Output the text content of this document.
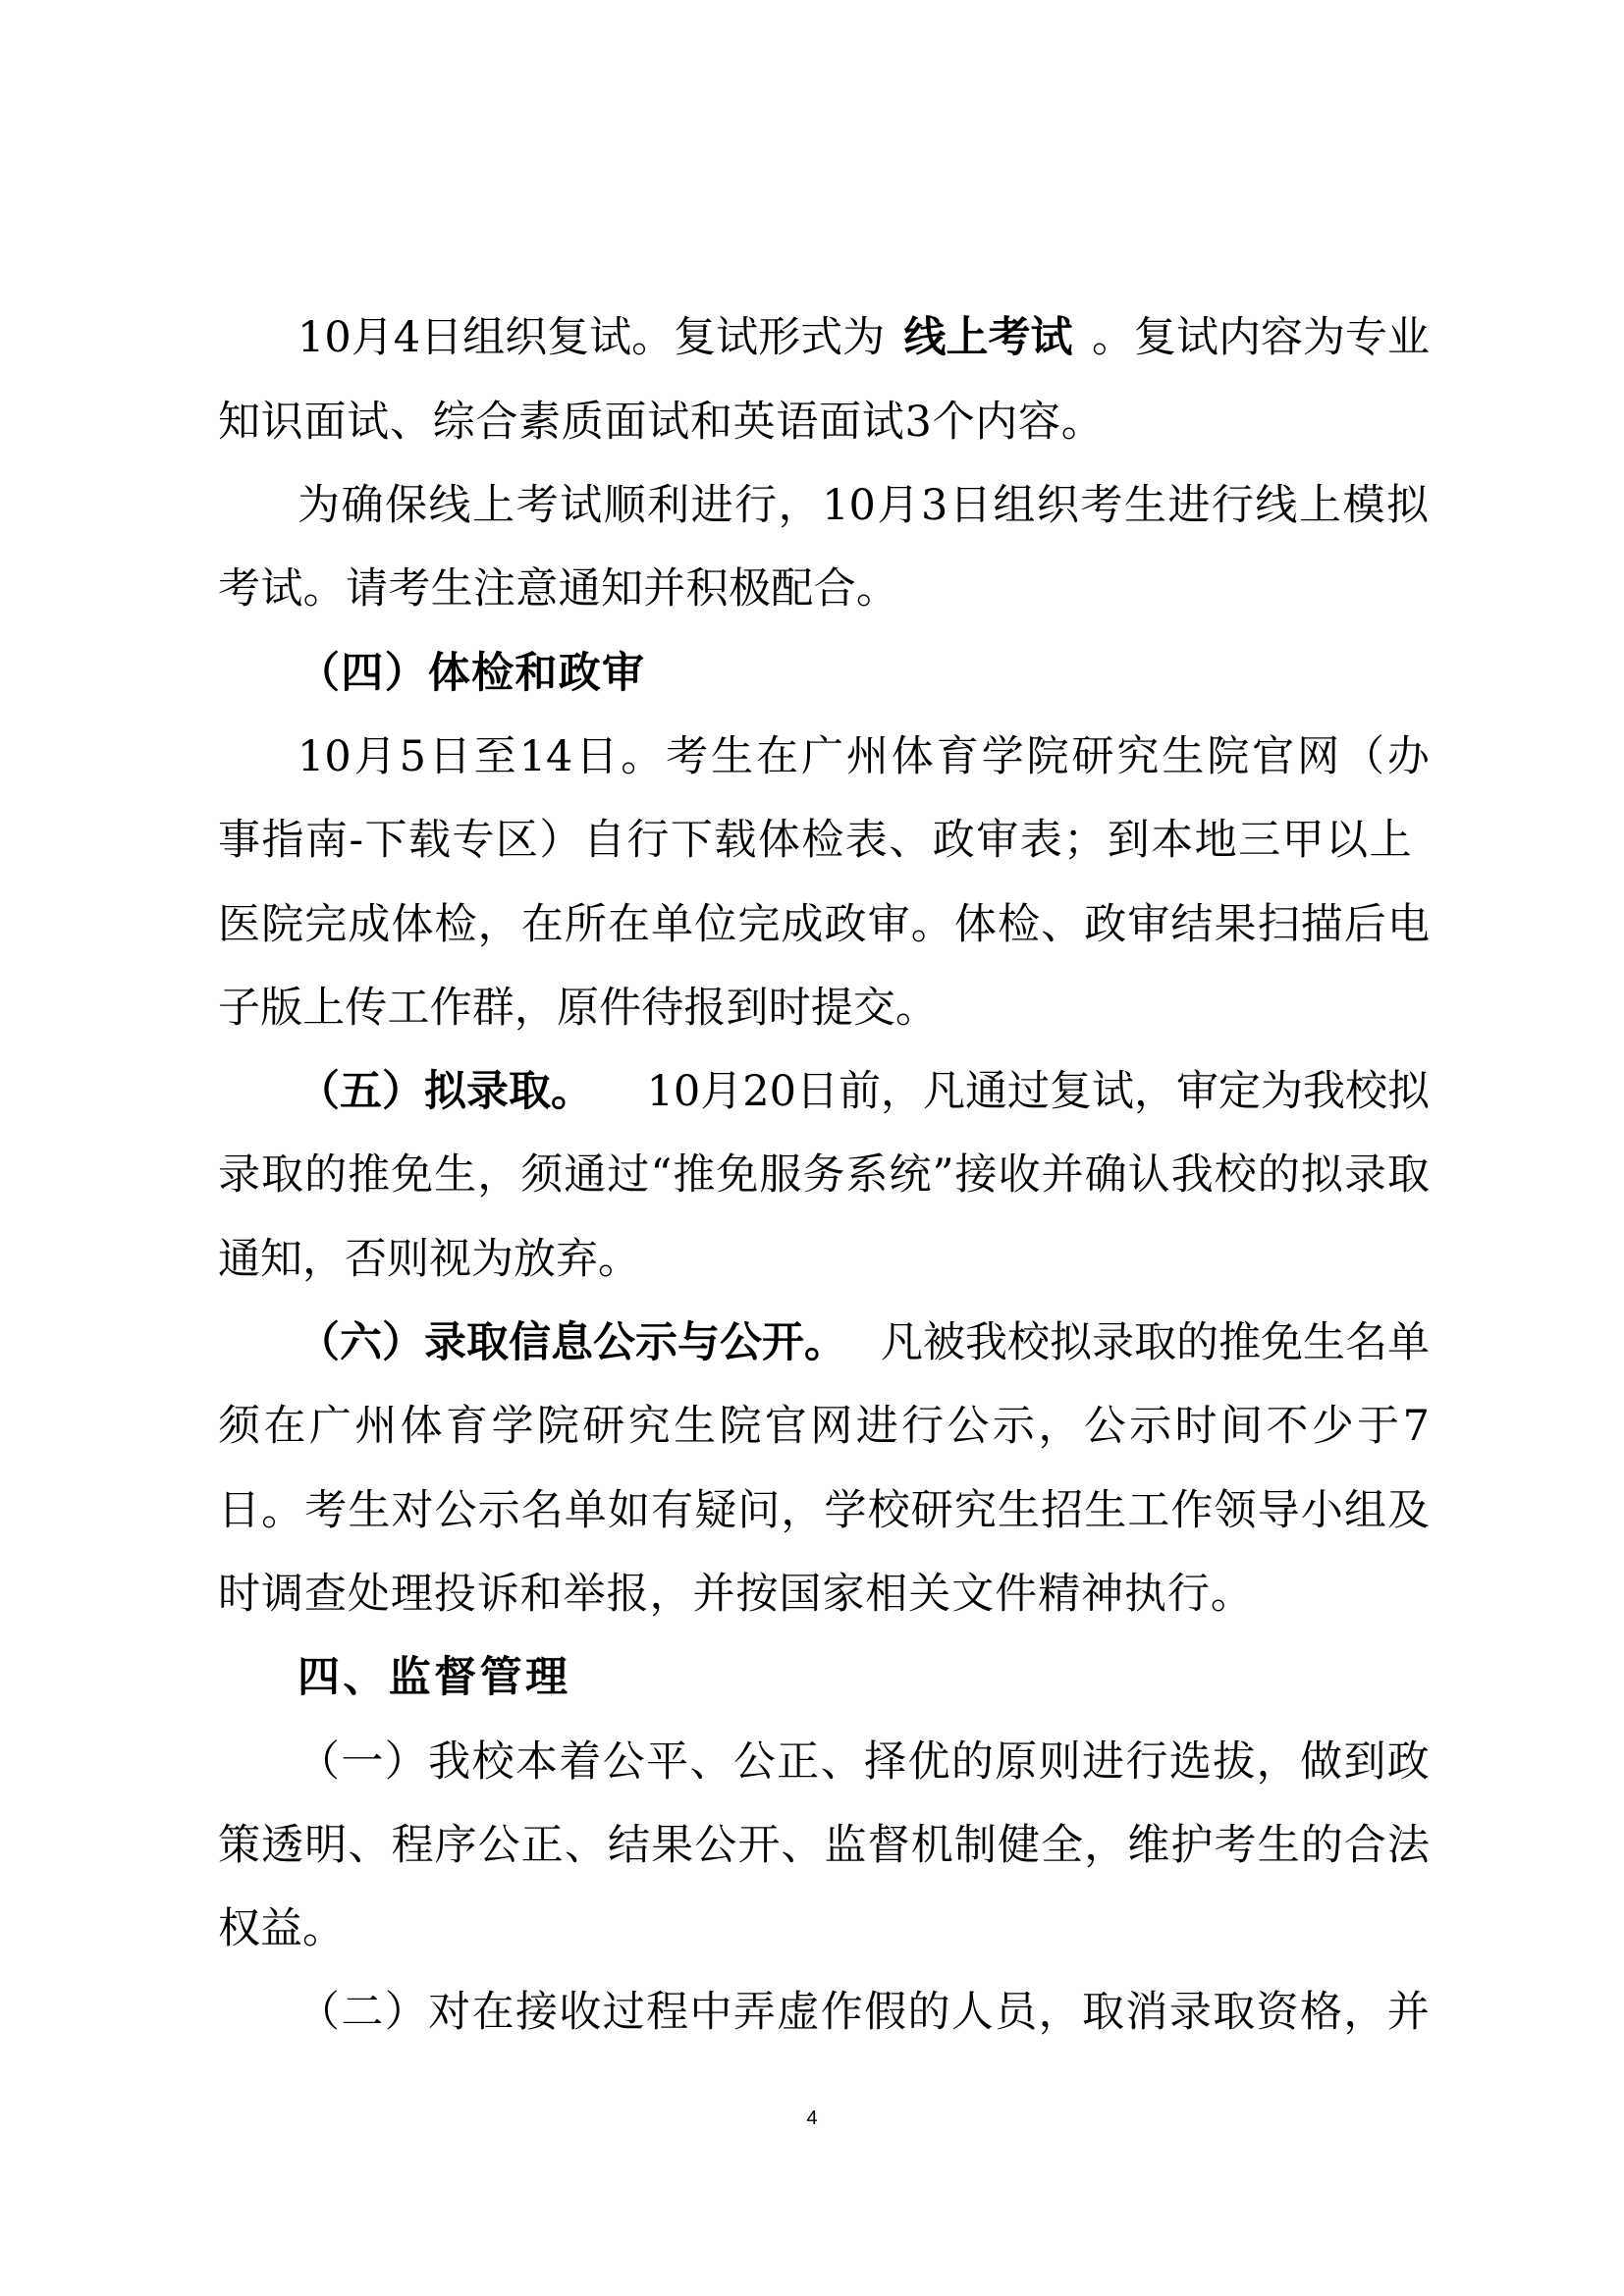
10月4日组织复试。复试形式为 线上考试 。复试内容为专业
知 识 面 试 、 综 合 素 质 面 试 和 英 语 面 试 3 个 内 容 。
为 确 保 线 上 考 试 顺 利 进 行 ， 10 月 3 日 组 织 考 生 进 行 线 上 模 拟
考 试 。 请 考 生 注 意 通 知 并 积 极 配 合 。
（ 四 ） 体 检 和 政 审
10 月 5 日 至 14 日 。 考 生 在 广 州 体 育 学 院 研 究 生 院 官 网 （ 办
事 指 南 - 下 载 专 区 ） 自 行 下 载 体 检 表 、 政 审 表 ； 到 本 地 三 甲 以 上
医 院 完 成 体 检 ， 在 所 在 单 位 完 成 政 审 。 体 检 、 政 审 结 果 扫 描 后 电
子 版 上 传 工 作 群 ， 原 件 待 报 到 时 提 交 。
（五）拟录取。 10月20日前，凡通过复试，审定为我校拟
录 取 的 推 免 生 ， 须 通 过 “ 推 免 服 务 系 统 ” 接 收 并 确 认 我 校 的 拟 录 取
通 知 ， 否 则 视 为 放 弃 。
（六）录取信息公示与公开。 凡被我校拟录取的推免生名单
须 在 广 州 体 育 学 院 研 究 生 院 官 网 进 行 公 示 ， 公 示 时 间 不 少 于 7
日 。 考 生 对 公 示 名 单 如 有 疑 问 ， 学 校 研 究 生 招 生 工 作 领 导 小 组 及
时 调 查 处 理 投 诉 和 举 报 ， 并 按 国 家 相 关 文 件 精 神 执 行 。
四 、 监 督 管 理
（ 一 ） 我 校 本 着 公 平 、 公 正 、 择 优 的 原 则 进 行 选 拔 ， 做 到 政
策 透 明 、 程 序 公 正 、 结 果 公 开 、 监 督 机 制 健 全 ， 维 护 考 生 的 合 法
权 益 。
（ 二 ） 对 在 接 收 过 程 中 弄 虚 作 假 的 人 员 ， 取 消 录 取 资 格 ， 并
4
